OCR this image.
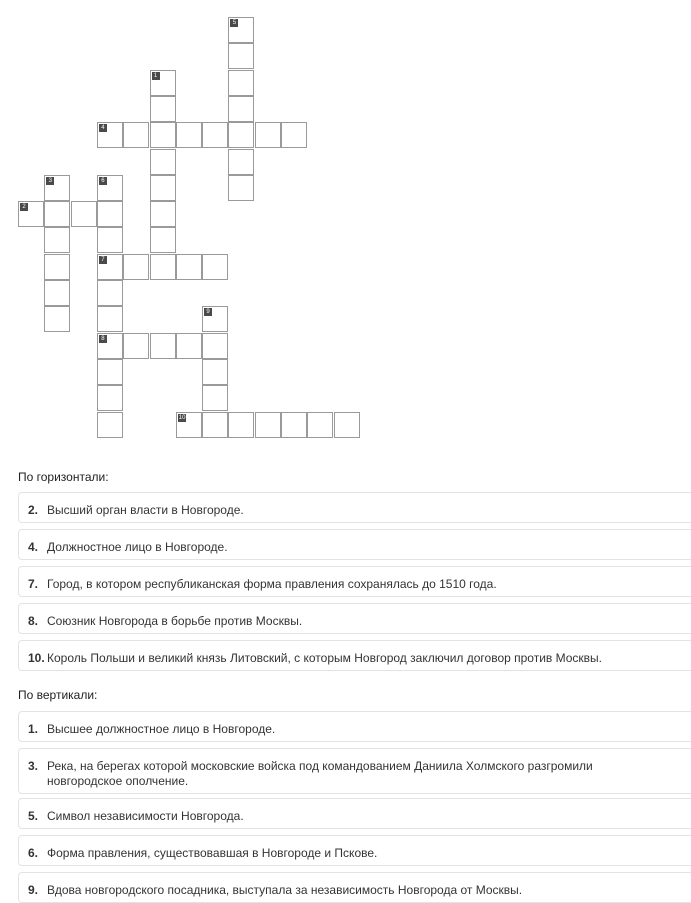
5
1
4
3	6
7
8
2
9
10
По горизонтали:
2. Высший орган власти в Новгороде.
4. Должностное лицо в Новгороде.
7. Город, в котором республиканская форма правления сохранялась до 1510 года.
8. Союзник Новгорода в борьбе против Москвы.
10. Король Польши и великий князь Литовский, с которым Новгород заключил договор против Москвы.
По вертикали:
1. Высшее должностное лицо в Новгороде.
3. Река, на берегах которой московские войска под командованием Даниила Холмского разгромили новгородское ополчение.
5. Символ независимости Новгорода.
6. Форма правления, существовавшая в Новгороде и Пскове.
9. Вдова новгородского посадника, выступала за независимость Новгорода от Москвы.
